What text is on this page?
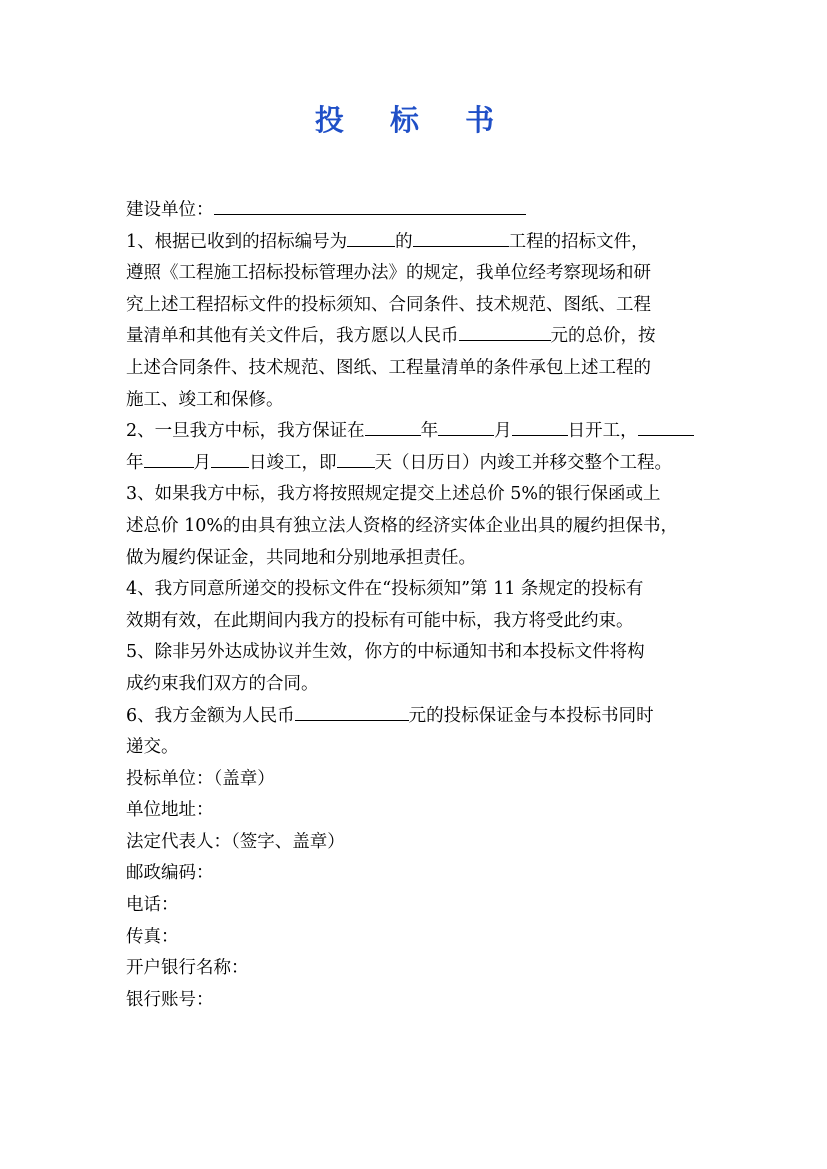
投 标 书
建设单位：
1、根据已收到的招标编号为	的	工程的招标文件，
遵照《工程施工招标投标管理办法》的规定，我单位经考察现场和研
究上述工程招标文件的投标须知、合同条件、技术规范、图纸、工程
量清单和其他有关文件后，我方愿以人民币	元的总价，按
上述合同条件、技术规范、图纸、工程量清单的条件承包上述工程的
施工、竣工和保修。
2、一旦我方中标，我方保证在	年	月	日开工，
年	月 日竣工，即 天（日历日）内竣工并移交整个工程。
3、如果我方中标，我方将按照规定提交上述总价 5%的银行保函或上
述总价 10%的由具有独立法人资格的经济实体企业出具的履约担保书，
做为履约保证金，共同地和分别地承担责任。
4、我方同意所递交的投标文件在“投标须知”第 11 条规定的投标有
效期有效，在此期间内我方的投标有可能中标，我方将受此约束。
5、除非另外达成协议并生效，你方的中标通知书和本投标文件将构
成约束我们双方的合同。
6、我方金额为人民币	元的投标保证金与本投标书同时
递交。
投标单位：（盖章）
单位地址：
法定代表人：（签字、盖章）
邮政编码：
电话：
传真：
开户银行名称：
银行账号：
